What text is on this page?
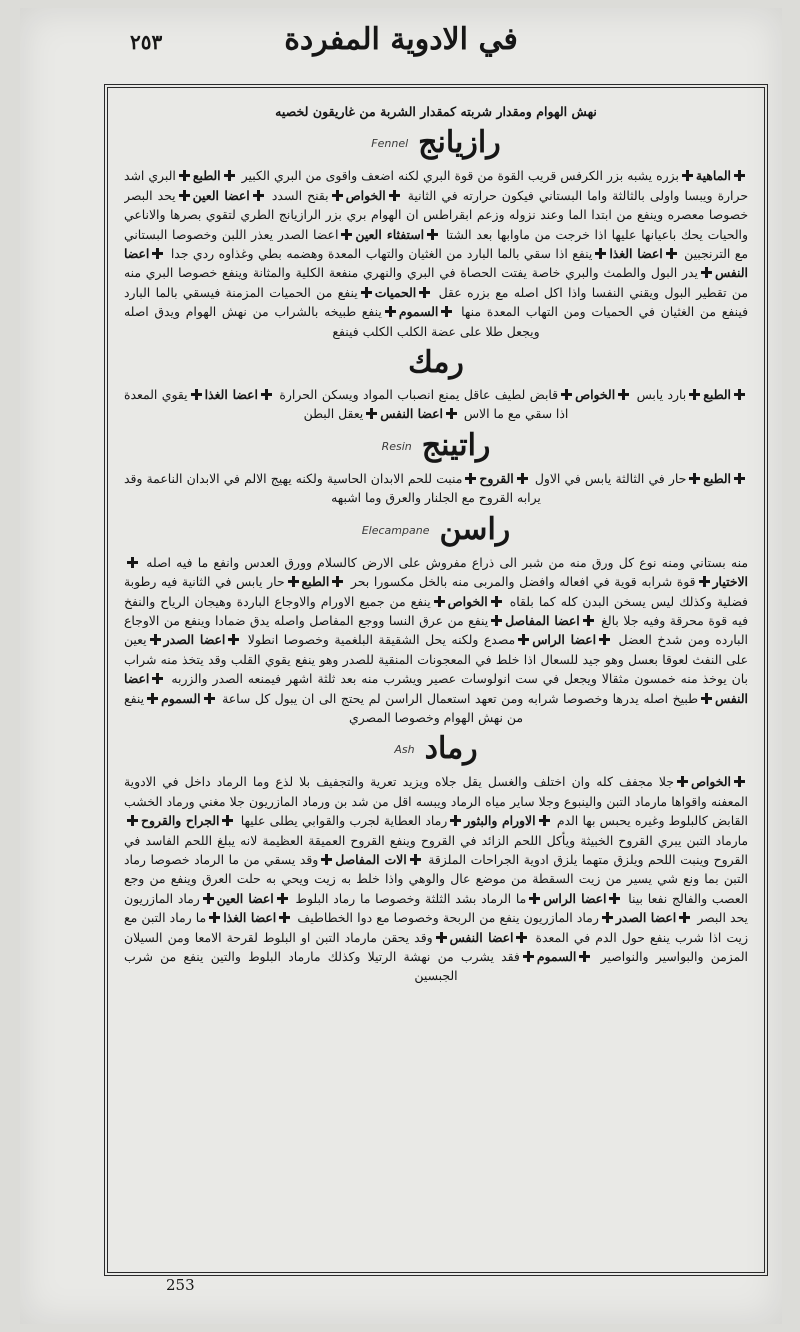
في الادوية المفردة
٢٥٣

نهش الهوام ومقدار شربته كمقدار الشربة من غاريقون لخصيه

رازيانجFennel

الماهيةبزره يشبه بزر الكرفس قريب القوة من قوة البري لكنه اضعف واقوى من البري الكبير الطبعالبري اشد حرارة ويبسا واولى بالثالثة واما البستاني فيكون حرارته في الثانية الخواصبقنح السدد اعضا العينيحد البصر خصوصا معصره وينفع من ابتدا الما وعند نزوله وزعم ابقراطس ان الهوام بري بزر الرازيانج الطري لتقوي بصرها والاناعي والحيات يحك باعيانها عليها اذا خرجت من ماوابها بعد الشتا استفثاء العيناعضا الصدر يعذر اللبن وخصوصا البستاني مع الترنجبين اعضا الغذاينفع اذا سقي بالما البارد من الغثيان والتهاب المعدة وهضمه بطي وغذاوه ردي جدا اعضا النفسيدر البول والطمث والبري خاصة يفتت الحصاة في البري والنهري منفعة الكلية والمثانة وينفع خصوصا البري منه من تقطير البول ويقني النفسا واذا اكل اصله مع بزره عقل الحمياتينفع من الحميات المزمنة فيسقي بالما البارد فينفع من الغثيان في الحميات ومن التهاب المعدة منها السمومينفع طبيخه بالشراب من نهش الهوام ويدق اصله ويجعل طلا على عضة الكلب الكلب فينفع

رمك

الطبعبارد يابس الخواصقابض لطيف عاقل يمنع انصباب المواد ويسكن الحرارة اعضا الغذايقوي المعدة اذا سقي مع ما الاس اعضا النفسيعقل البطن

راتينجResin

الطبعحار في الثالثة يابس في الاول القروحمنبت للحم الابدان الحاسية ولكنه يهيج الالم في الابدان الناعمة وقد يرابه القروح مع الجلنار والعرق وما اشبهه

راسنElecampane

منه بستاني ومنه نوع كل ورق منه من شبر الى ذراع مفروش على الارض كالسلام وورق العدس وانفع ما فيه اصله الاختيارقوة شرابه قوية في افعاله وافضل والمربى منه بالخل مكسورا بحر الطبعحار يابس في الثانية فيه رطوبة فضلية وكذلك ليس يسخن البدن كله كما بلقاه الخواصينفع من جميع الاورام والاوجاع الباردة وهيجان الرياح والنفخ فيه قوة محرقة وفيه جلا بالغ اعضا المفاصلينفع من عرق النسا ووجع المفاصل واصله يدق ضمادا وينفع من الاوجاع البارده ومن شدخ العضل اعضا الراسمصدع ولكنه يحل الشقيقة البلغمية وخصوصا انطولا اعضا الصدريعين على النفث لعوقا بعسل وهو جيد للسعال اذا خلط في المعجونات المنقية للصدر وهو ينفع يقوي القلب وقد يتخذ منه شراب بان يوخذ منه خمسون مثقالا ويجعل في ست انولوسات عصير ويشرب منه بعد ثلثة اشهر فيمنعه الصدر والزربه اعضا النفسطبيخ اصله يدرها وخصوصا شرابه ومن تعهد استعمال الراسن لم يحتج الى ان يبول كل ساعة السمومينفع من نهش الهوام وخصوصا المصري

رمادAsh

الخواصجلا مجفف كله وان اختلف والغسل يقل جلاه ويزيد تعرية والتجفيف بلا لذع وما الرماد داخل في الادوية المعفنه واقواها مارماد التبن والينبوع وجلا ساير مياه الرماد ويبسه اقل من شد بن ورماد المازريون جلا مغني ورماد الخشب القابض كالبلوط وغيره يحبس بها الدم الاورام والبثوررماد العطاية لجرب والقوابي يطلى عليها الجراح والقروحمارماد التبن يبري القروح الخبيثة ويأكل اللحم الزائد في القروح وينفع القروح العميقة العظيمة لانه يبلغ اللحم الفاسد في القروح وينبت اللحم ويلزق متهما يلزق ادوية الجراحات الملزقة الات المفاصلوقد يسقي من ما الرماد خصوصا رماد التبن بما ونع شي يسير من زيت السقطة من موضع عال والوهي واذا خلط به زيت ويحي به حلت العرق وينفع من وجع العصب والفالج نفعا بينا اعضا الراسما الرماد بشد الثلثة وخصوصا ما رماد البلوط اعضا العينرماد المازريون يحد البصر اعضا الصدررماد المازريون ينفع من الربحة وخصوصا مع دوا الخطاطيف اعضا الغذاما رماد التبن مع زيت اذا شرب ينفع حول الدم في المعدة اعضا النفسوقد يحقن مارماد التبن او البلوط لقرحة الامعا ومن السيلان المزمن والبواسير والنواصير السمومفقد يشرب من نهشة الرتيلا وكذلك مارماد البلوط والتين ينفع من شرب الجبسين

253
